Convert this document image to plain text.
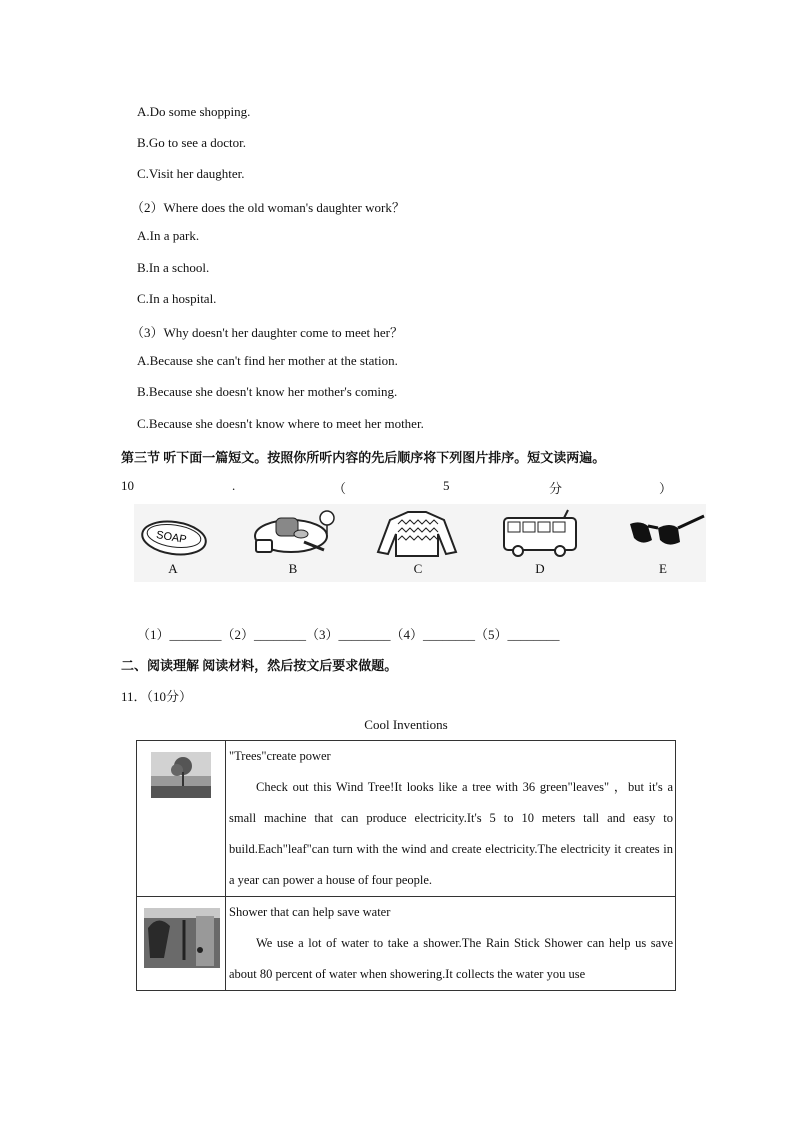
A.Do some shopping.
B.Go to see a doctor.
C.Visit her daughter.
（2）Where does the old woman's daughter work？
A.In a park.
B.In a school.
C.In a hospital.
（3）Why doesn't her daughter come to meet her？
A.Because she can't find her mother at the station.
B.Because she doesn't know her mother's coming.
C.Because she doesn't know where to meet her mother.
第三节 听下面一篇短文。按照你所听内容的先后顺序将下列图片排序。短文读两遍。
10	.	（	5	分	）
SOAP
A	B	C	D	E
（1）________（2）________（3）________（4）________（5）________
二、阅读理解 阅读材料，然后按文后要求做题。
11．（10分）
Cool Inventions

"Trees"create power
Check out this Wind Tree!It looks like a tree with 36 green"leaves" ，but it's a small machine that can produce electricity.It's 5 to 10 meters tall and easy to build.Each"leaf"can turn with the wind and create electricity.The electricity it creates in a year can power a house of four people.

Shower that can help save water
We use a lot of water to take a shower.The Rain Stick Shower can help us save about 80 percent of water when showering.It collects the water you use
